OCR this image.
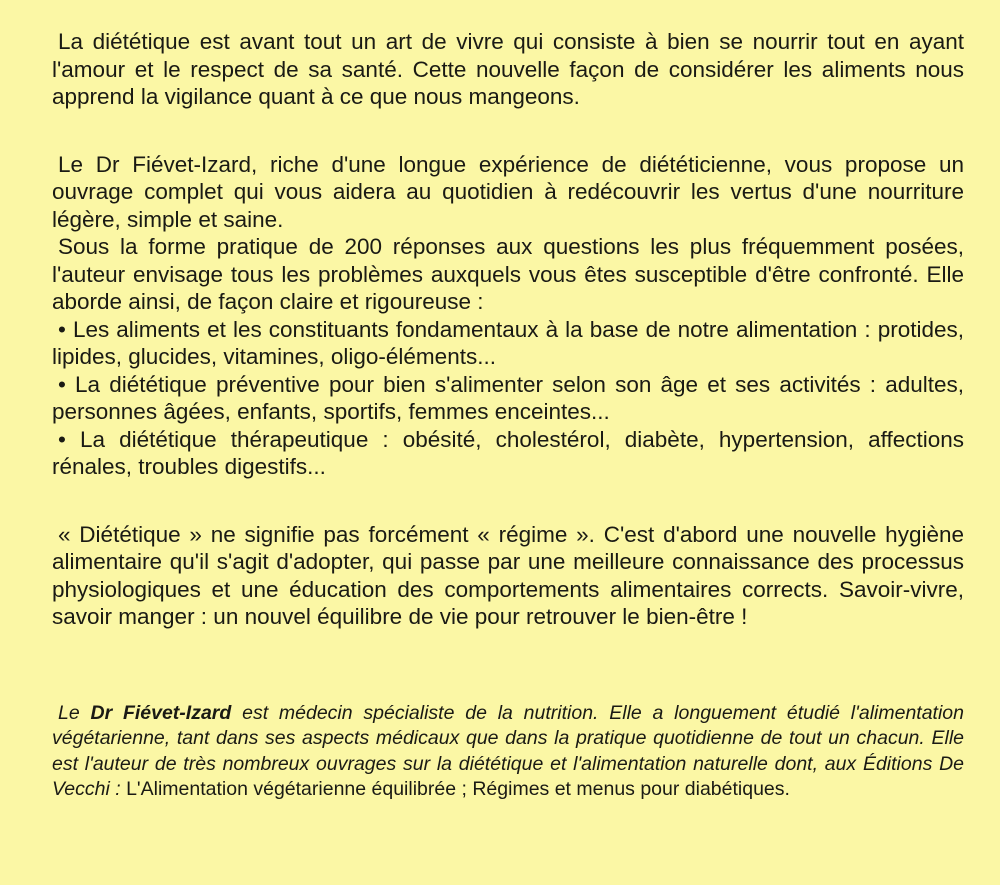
La diététique est avant tout un art de vivre qui consiste à bien se nourrir tout en ayant l'amour et le respect de sa santé. Cette nouvelle façon de considérer les aliments nous apprend la vigilance quant à ce que nous mangeons.

Le Dr Fiévet-Izard, riche d'une longue expérience de diététicienne, vous propose un ouvrage complet qui vous aidera au quotidien à redécouvrir les vertus d'une nourriture légère, simple et saine.

Sous la forme pratique de 200 réponses aux questions les plus fréquemment posées, l'auteur envisage tous les problèmes auxquels vous êtes susceptible d'être confronté. Elle aborde ainsi, de façon claire et rigoureuse :

• Les aliments et les constituants fondamentaux à la base de notre alimentation : protides, lipides, glucides, vitamines, oligo-éléments...

• La diététique préventive pour bien s'alimenter selon son âge et ses activités : adultes, personnes âgées, enfants, sportifs, femmes enceintes...

• La diététique thérapeutique : obésité, cholestérol, diabète, hypertension, affections rénales, troubles digestifs...

« Diététique » ne signifie pas forcément « régime ». C'est d'abord une nouvelle hygiène alimentaire qu'il s'agit d'adopter, qui passe par une meilleure connaissance des processus physiologiques et une éducation des comportements alimentaires corrects. Savoir-vivre, savoir manger : un nouvel équilibre de vie pour retrouver le bien-être !

Le Dr Fiévet-Izard est médecin spécialiste de la nutrition. Elle a longuement étudié l'alimentation végétarienne, tant dans ses aspects médicaux que dans la pratique quotidienne de tout un chacun. Elle est l'auteur de très nombreux ouvrages sur la diététique et l'alimentation naturelle dont, aux Éditions De Vecchi : L'Alimentation végétarienne équilibrée ; Régimes et menus pour diabétiques.
